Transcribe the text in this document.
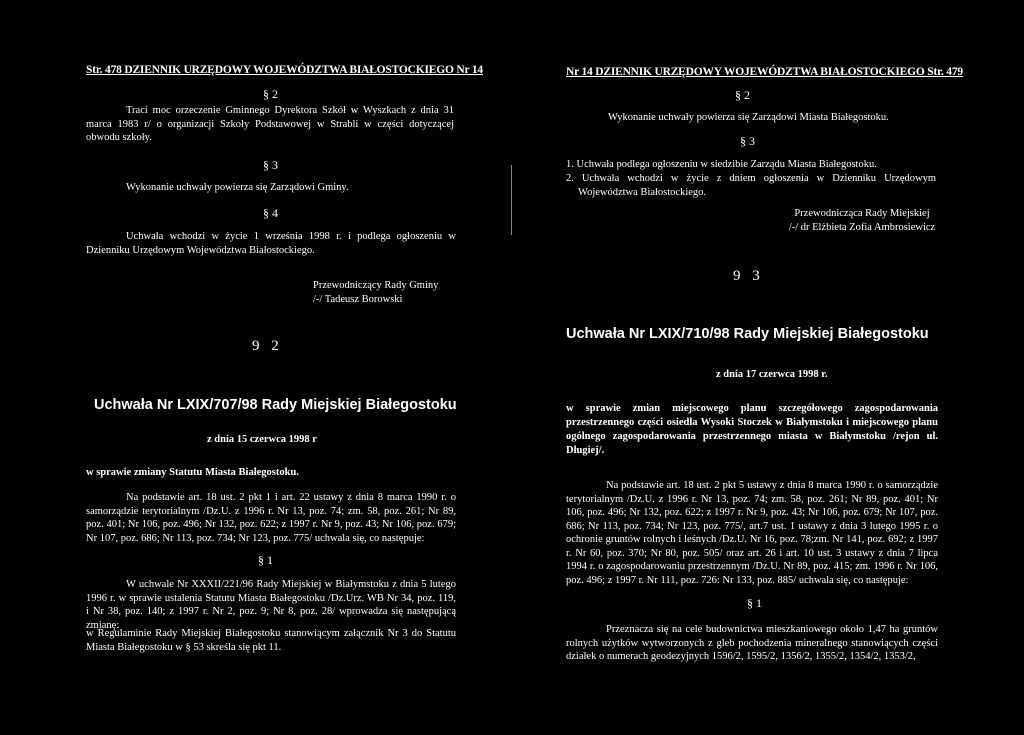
Str. 478 DZIENNIK URZĘDOWY WOJEWÓDZTWA BIAŁOSTOCKIEGO Nr 14
§ 2
Traci moc orzeczenie Gminnego Dyrektora Szkół w Wyszkach z dnia 31 marca 1983 r/ o organizacji Szkoły Podstawowej w Strabli w części dotyczącej obwodu szkoły.
§ 3
Wykonanie uchwały powierza się Zarządowi Gminy.
§ 4
Uchwała wchodzi w życie 1 września 1998 r. i podlega ogłoszeniu w Dzienniku Urzędowym Województwa Białostockiego.
Przewodniczący Rady Gminy
/-/ Tadeusz Borowski
9 2
Uchwała Nr LXIX/707/98 Rady Miejskiej Białegostoku
z dnia 15 czerwca 1998 r
w sprawie zmiany Statutu Miasta Białegostoku.
Na podstawie art. 18 ust. 2 pkt 1 i art. 22 ustawy z dnia 8 marca 1990 r. o samorządzie terytorialnym /Dz.U. z 1996 r. Nr 13, poz. 74; zm. 58, poz. 261; Nr 89, poz. 401; Nr 106, poz. 496; Nr 132, poz. 622; z 1997 r. Nr 9, poz. 43; Nr 106, poz. 679; Nr 107, poz. 686; Nr 113, poz. 734; Nr 123, poz. 775/ uchwala się, co następuje:
§ 1
W uchwale Nr XXXII/221/96 Rady Miejskiej w Białymstoku z dnia 5 lutego 1996 r. w sprawie ustalenia Statutu Miasta Białegostoku /Dz.Urz. WB Nr 34, poz. 119, i Nr 38, poz. 140; z 1997 r. Nr 2, poz. 9; Nr 8, poz. 28/ wprowadza się następującą zmianę:
w Regulaminie Rady Miejskiej Białegostoku stanowiącym załącznik Nr 3 do Statutu Miasta Białegostoku w § 53 skreśla się pkt 11.
Nr 14 DZIENNIK URZĘDOWY WOJEWÓDZTWA BIAŁOSTOCKIEGO Str. 479
§ 2
Wykonanie uchwały powierza się Zarządowi Miasta Białegostoku.
§ 3
1. Uchwała podlega ogłoszeniu w siedzibie Zarządu Miasta Białegostoku.
2. Uchwała wchodzi w życie z dniem ogłoszenia w Dzienniku Urzędowym Województwa Białostockiego.
Przewodnicząca Rady Miejskiej
/-/ dr Elżbieta Zofia Ambrosiewicz
9 3
Uchwała Nr LXIX/710/98 Rady Miejskiej Białegostoku
z dnia 17 czerwca 1998 r.
w sprawie zmian miejscowego planu szczegółowego zagospodarowania przestrzennego części osiedla Wysoki Stoczek w Białymstoku i miejscowego planu ogólnego zagospodarowania przestrzennego miasta w Białymstoku /rejon ul. Długiej/.
Na podstawie art. 18 ust. 2 pkt 5 ustawy z dnia 8 marca 1990 r. o samorządzie terytorialnym /Dz.U. z 1996 r. Nr 13, poz. 74; zm. 58, poz. 261; Nr 89, poz. 401; Nr 106, poz. 496; Nr 132, poz. 622; z 1997 r. Nr 9, poz. 43; Nr 106, poz. 679; Nr 107, poz. 686; Nr 113, poz. 734; Nr 123, poz. 775/, art.7 ust. 1 ustawy z dnia 3 lutego 1995 r. o ochronie gruntów rolnych i leśnych /Dz.U. Nr 16, poz. 78;zm. Nr 141, poz. 692; z 1997 r. Nr 60, poz. 370; Nr 80, poz. 505/ oraz art. 26 i art. 10 ust. 3 ustawy z dnia 7 lipca 1994 r. o zagospodarowaniu przestrzennym /Dz.U. Nr 89, poz. 415; zm. 1996 r. Nr 106, poz. 496; z 1997 r. Nr 111, poz. 726: Nr 133, poz. 885/ uchwala się, co następuje:
§ 1
Przeznacza się na cele budownictwa mieszkaniowego około 1,47 ha gruntów rolnych użytków wytworzonych z gleb pochodzenia mineralnego stanowiących części działek o numerach geodezyjnych 1596/2, 1595/2, 1356/2, 1355/2, 1354/2, 1353/2,
